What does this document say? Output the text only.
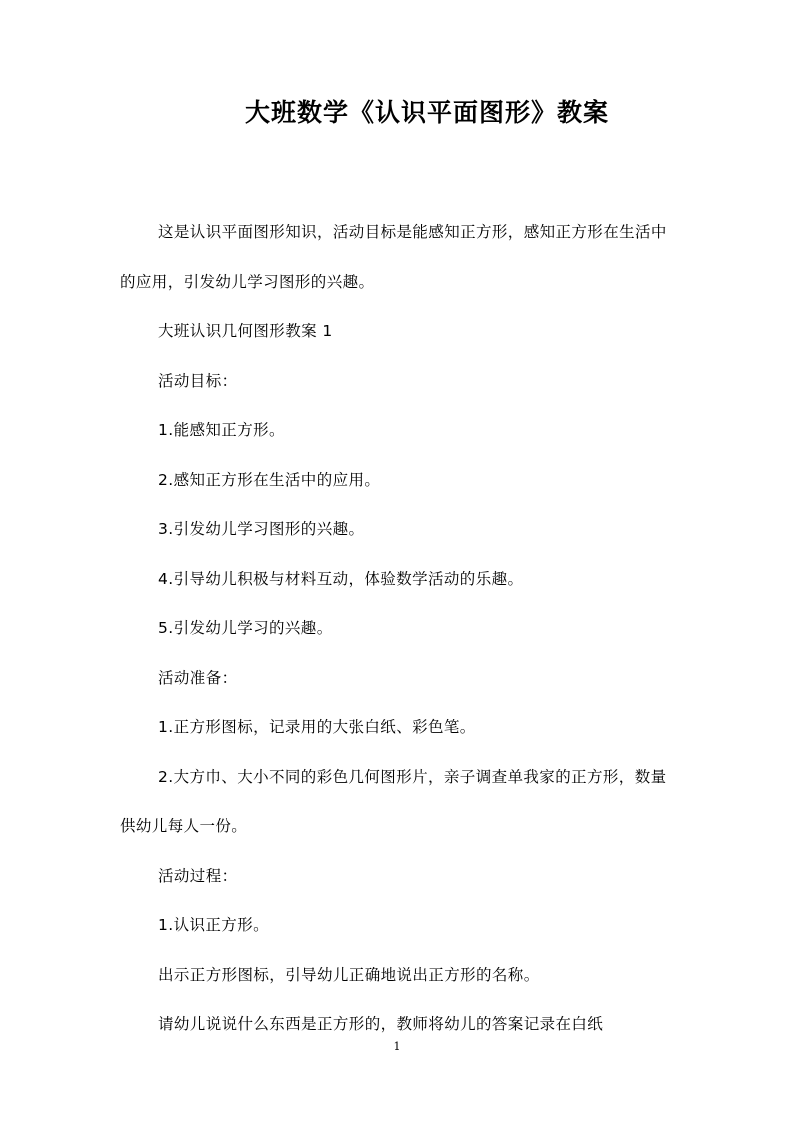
大班数学《认识平面图形》教案

这是认识平面图形知识，活动目标是能感知正方形，感知正方形在生活中的应用，引发幼儿学习图形的兴趣。

大班认识几何图形教案 1

活动目标：

1.能感知正方形。

2.感知正方形在生活中的应用。

3.引发幼儿学习图形的兴趣。

4.引导幼儿积极与材料互动，体验数学活动的乐趣。

5.引发幼儿学习的兴趣。

活动准备：

1.正方形图标，记录用的大张白纸、彩色笔。

2.大方巾、大小不同的彩色几何图形片，亲子调查单我家的正方形，数量供幼儿每人一份。

活动过程：

1.认识正方形。

出示正方形图标，引导幼儿正确地说出正方形的名称。

请幼儿说说什么东西是正方形的，教师将幼儿的答案记录在白纸

1
